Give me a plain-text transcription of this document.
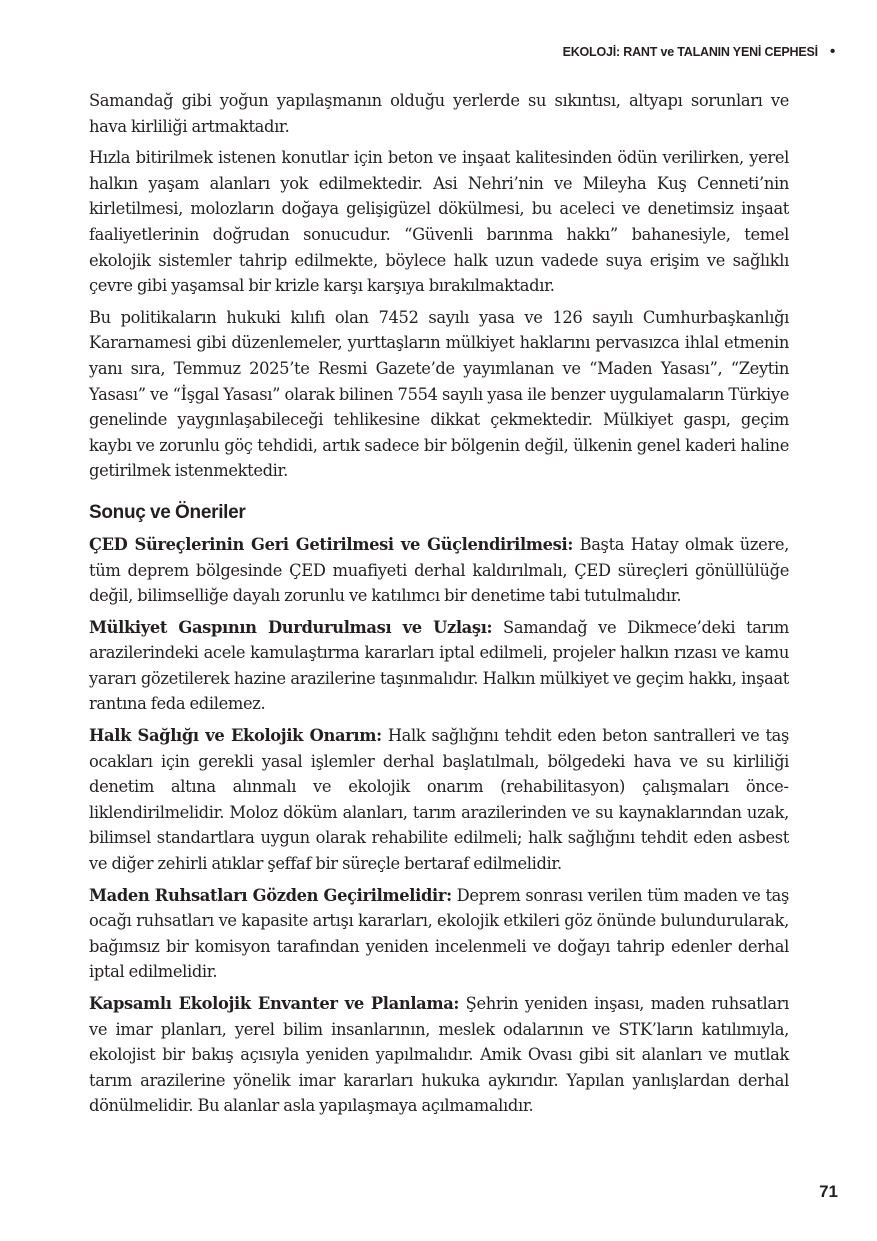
EKOLOJİ: RANT ve TALANIN YENİ CEPHESİ •

Samandağ gibi yoğun yapılaşmanın olduğu yerlerde su sıkıntısı, altyapı sorunları ve hava kirliliği artmaktadır.

Hızla bitirilmek istenen konutlar için beton ve inşaat kalitesinden ödün verilirken, yerel halkın yaşam alanları yok edilmektedir. Asi Nehri’nin ve Mileyha Kuş Cenneti’nin kirletilmesi, molozların doğaya gelişigüzel dökülmesi, bu aceleci ve denetimsiz inşaat faaliyetlerinin doğrudan sonucudur. “Güvenli barınma hakkı” bahanesiyle, temel ekolojik sistemler tahrip edilmekte, böylece halk uzun vadede suya erişim ve sağlıklı çevre gibi yaşamsal bir krizle karşı karşıya bırakılmaktadır.

Bu politikaların hukuki kılıfı olan 7452 sayılı yasa ve 126 sayılı Cumhurbaşkanlığı Kararnamesi gibi düzenlemeler, yurttaşların mülkiyet haklarını pervasızca ihlal etmenin yanı sıra, Temmuz 2025’te Resmi Gazete’de yayımlanan ve “Maden Yasası”, “Zeytin Yasası” ve “İşgal Yasası” olarak bilinen 7554 sayılı yasa ile benzer uygulamaların Türkiye genelinde yaygınlaşabileceği tehlikesine dikkat çekmektedir. Mülkiyet gaspı, geçim kaybı ve zorunlu göç tehdidi, artık sadece bir bölgenin değil, ülkenin genel kaderi haline getirilmek istenmektedir.

Sonuç ve Öneriler

ÇED Süreçlerinin Geri Getirilmesi ve Güçlendirilmesi: Başta Hatay olmak üzere, tüm deprem bölgesinde ÇED muafiyeti derhal kaldırılmalı, ÇED süreçleri gönüllülüğe değil, bilimselliğe dayalı zorunlu ve katılımcı bir denetime tabi tutulmalıdır.

Mülkiyet Gaspının Durdurulması ve Uzlaşı: Samandağ ve Dikmece’deki tarım arazilerindeki acele kamulaştırma kararları iptal edilmeli, projeler halkın rızası ve kamu yararı gözetilerek hazine arazilerine taşınmalıdır. Halkın mülkiyet ve geçim hakkı, inşaat rantına feda edilemez.

Halk Sağlığı ve Ekolojik Onarım: Halk sağlığını tehdit eden beton santralleri ve taş ocakları için gerekli yasal işlemler derhal başlatılmalı, bölgedeki hava ve su kirliliği denetim altına alınmalı ve ekolojik onarım (rehabilitasyon) çalışmaları önceliklendirilmelidir. Moloz döküm alanları, tarım arazilerinden ve su kaynaklarından uzak, bilimsel standartlara uygun olarak rehabilite edilmeli; halk sağlığını tehdit eden asbest ve diğer zehirli atıklar şeffaf bir süreçle bertaraf edilmelidir.

Maden Ruhsatları Gözden Geçirilmelidir: Deprem sonrası verilen tüm maden ve taş ocağı ruhsatları ve kapasite artışı kararları, ekolojik etkileri göz önünde bulundurularak, bağımsız bir komisyon tarafından yeniden incelenmeli ve doğayı tahrip edenler derhal iptal edilmelidir.

Kapsamlı Ekolojik Envanter ve Planlama: Şehrin yeniden inşası, maden ruhsatları ve imar planları, yerel bilim insanlarının, meslek odalarının ve STK’ların katılımıyla, ekolojist bir bakış açısıyla yeniden yapılmalıdır. Amik Ovası gibi sit alanları ve mutlak tarım arazilerine yönelik imar kararları hukuka aykırıdır. Yapılan yanlışlardan derhal dönülmelidir. Bu alanlar asla yapılaşmaya açılmamalıdır.

71
